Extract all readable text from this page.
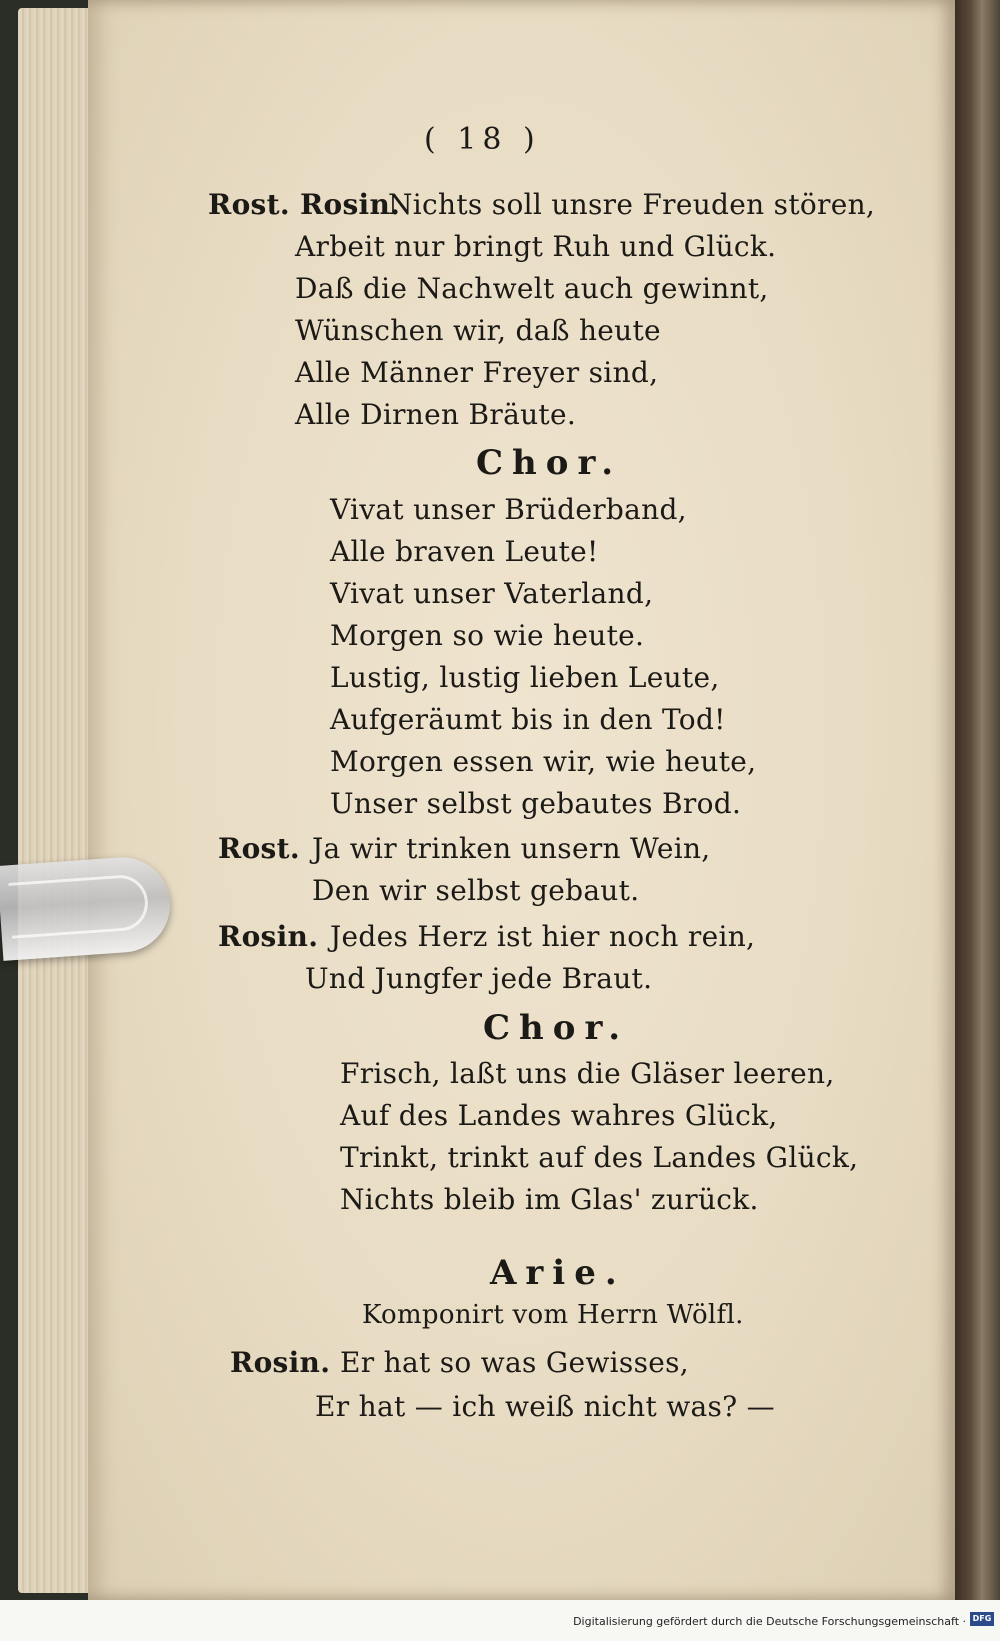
( 18 )
Rost. Rosin.
Nichts soll unsre Freuden stören,
Arbeit nur bringt Ruh und Glück.
Daß die Nachwelt auch gewinnt,
Wünschen wir, daß heute
Alle Männer Freyer sind,
Alle Dirnen Bräute.
Chor.
Vivat unser Brüderband,
Alle braven Leute!
Vivat unser Vaterland,
Morgen so wie heute.
Lustig, lustig lieben Leute,
Aufgeräumt bis in den Tod!
Morgen essen wir, wie heute,
Unser selbst gebautes Brod.
Rost. Ja wir trinken unsern Wein,
Den wir selbst gebaut.
Rosin. Jedes Herz ist hier noch rein,
Und Jungfer jede Braut.
Chor.
Frisch, laßt uns die Gläser leeren,
Auf des Landes wahres Glück,
Trinkt, trinkt auf des Landes Glück,
Nichts bleib im Glas' zurück.
Arie.
Komponirt vom Herrn Wölfl.
Rosin. Er hat so was Gewisses,
Er hat — ich weiß nicht was? —
Digitalisierung gefördert durch die Deutsche Forschungsgemeinschaft · DFG
